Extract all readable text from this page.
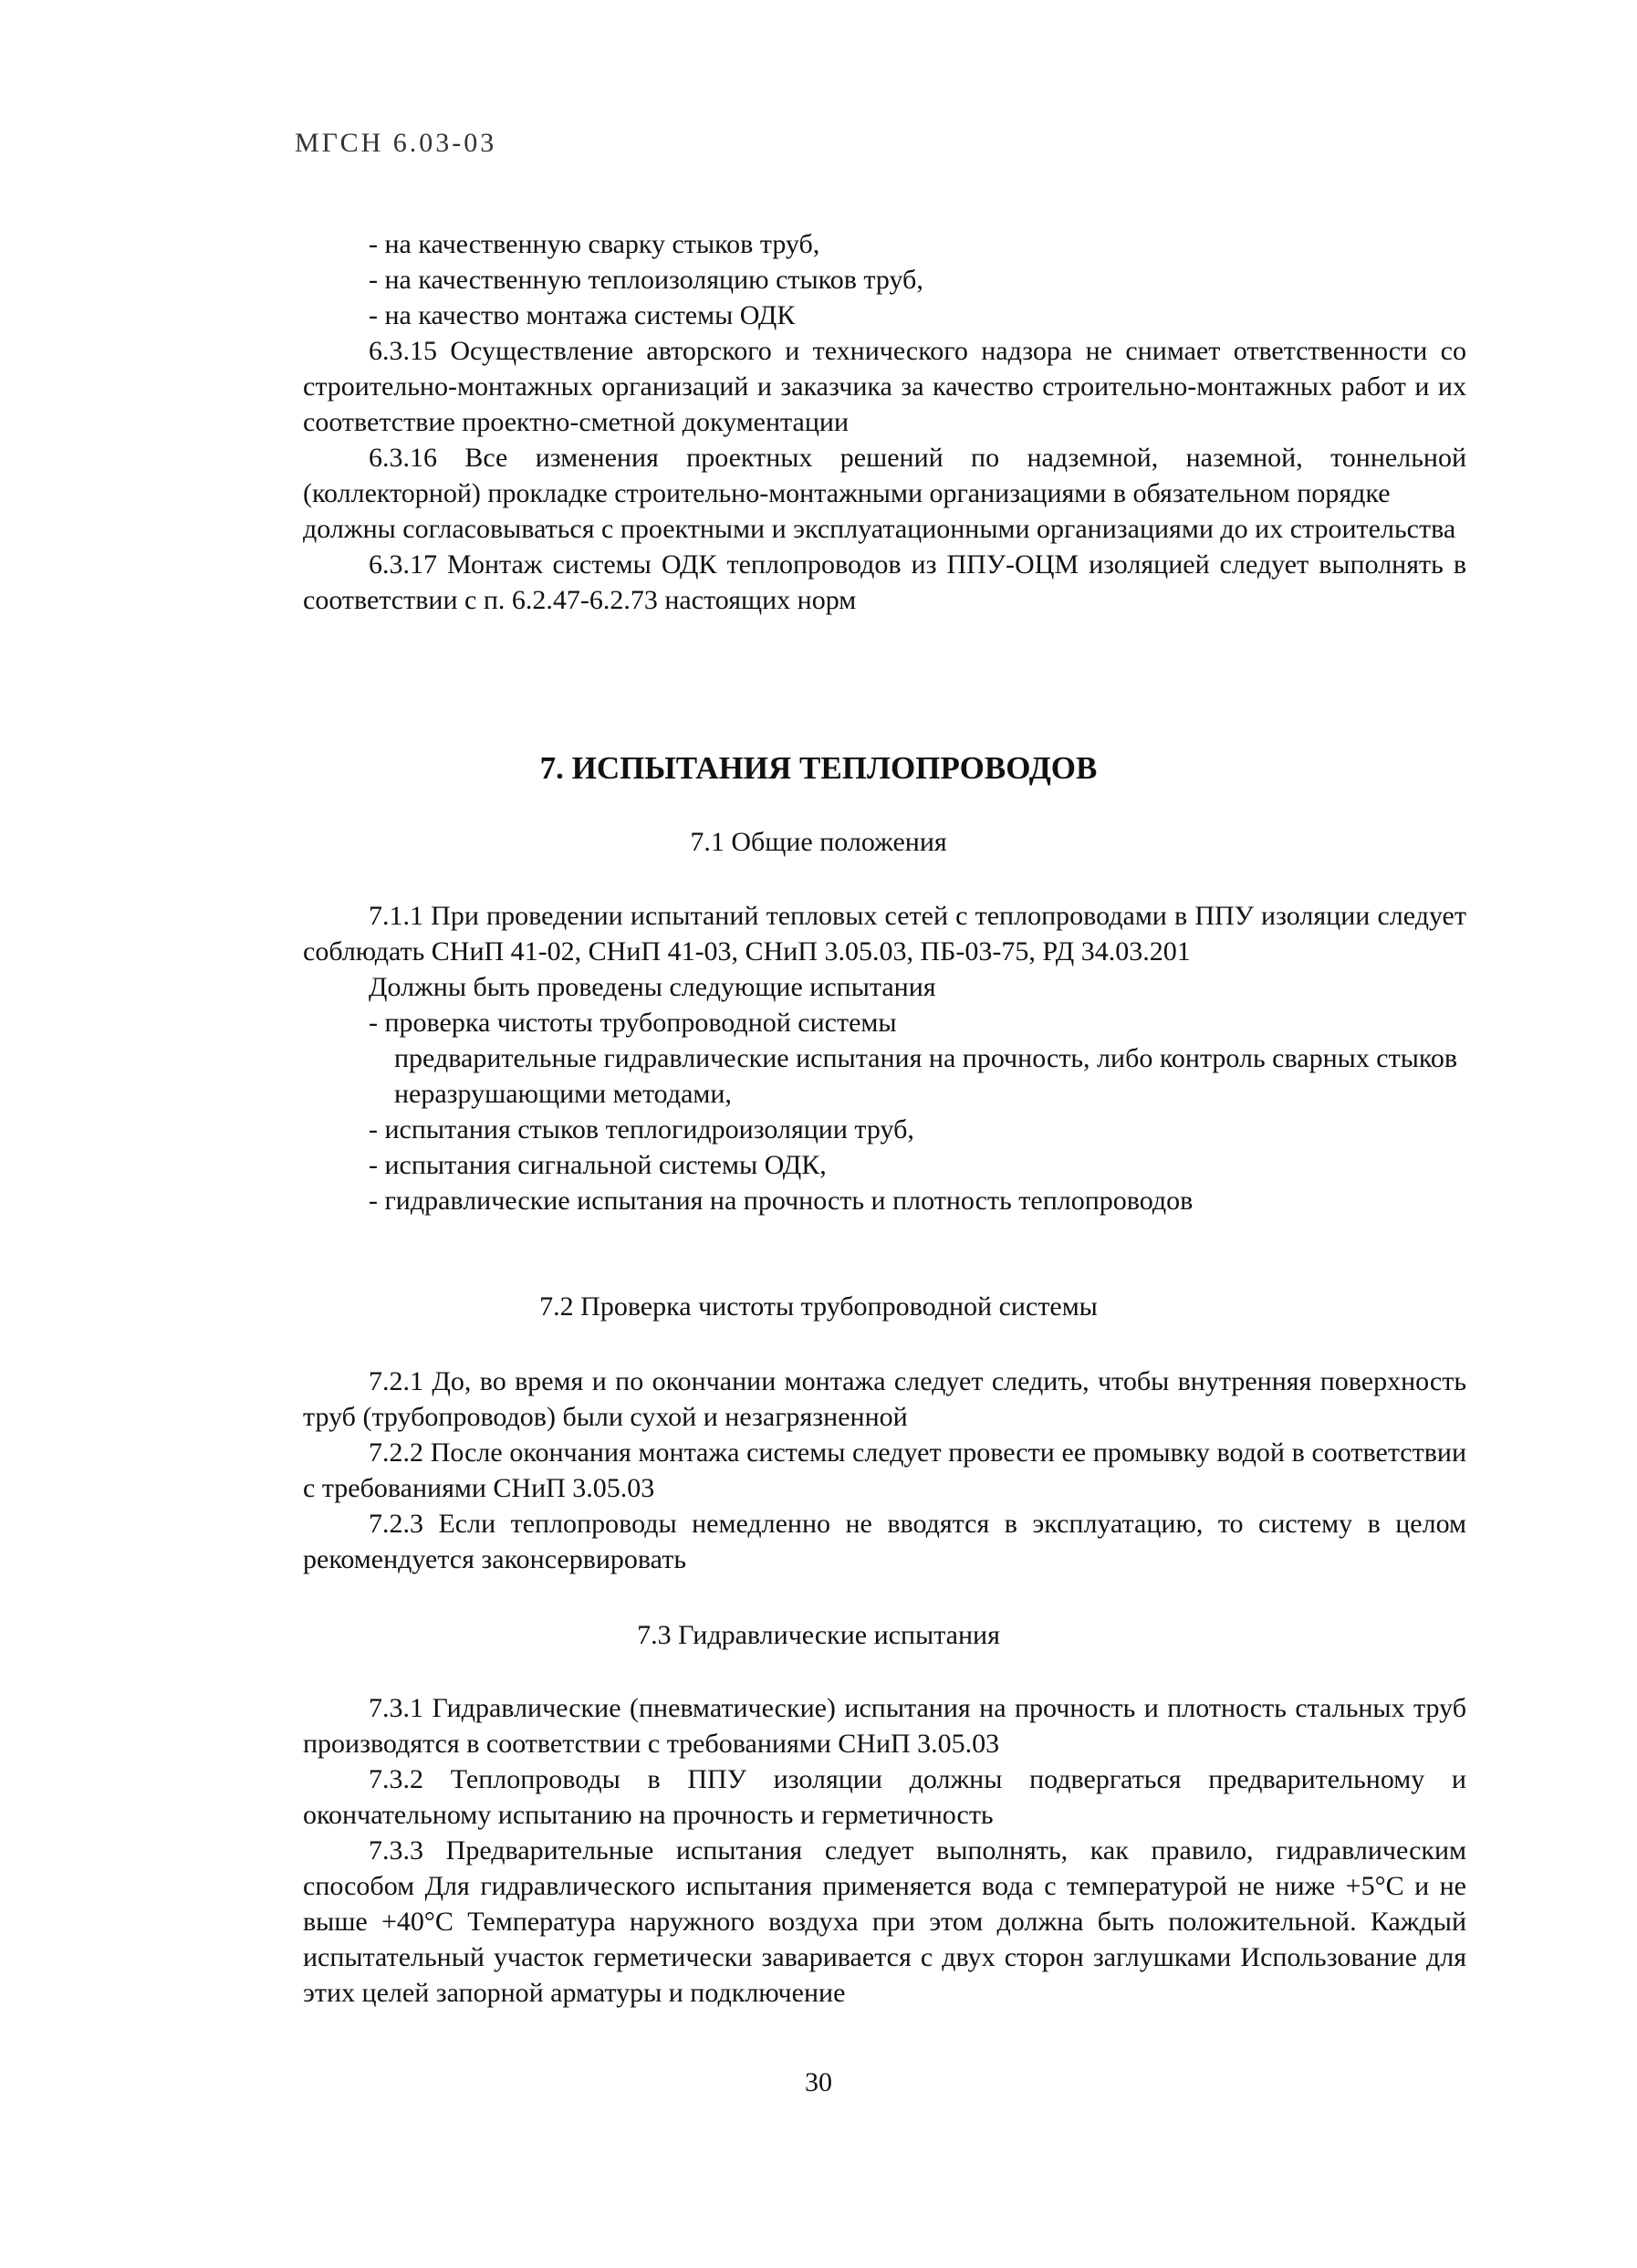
МГСН 6.03-03

- на качественную сварку стыков труб,

- на качественную теплоизоляцию стыков труб,

- на качество монтажа системы ОДК

6.3.15 Осуществление авторского и технического надзора не снимает ответственности со строительно-монтажных организаций и заказчика за качество строительно-монтажных работ и их соответствие проектно-сметной документации

6.3.16 Все изменения проектных решений по надземной, наземной, тоннельной (коллекторной) прокладке строительно-монтажными организациями в обязательном порядке

должны согласовываться с проектными и эксплуатационными организациями до их строительства

6.3.17 Монтаж системы ОДК теплопроводов из ППУ-ОЦМ изоляцией следует выполнять в соответствии с п. 6.2.47-6.2.73 настоящих норм

7. ИСПЫТАНИЯ ТЕПЛОПРОВОДОВ
7.1 Общие положения

7.1.1 При проведении испытаний тепловых сетей с теплопроводами в ППУ изоляции следует соблюдать СНиП 41-02, СНиП 41-03, СНиП 3.05.03, ПБ-03-75, РД 34.03.201

Должны быть проведены следующие испытания

- проверка чистоты трубопроводной системы

предварительные гидравлические испытания на прочность, либо контроль сварных стыков неразрушающими методами,

- испытания стыков теплогидроизоляции труб,

- испытания сигнальной системы ОДК,

- гидравлические испытания на прочность и плотность теплопроводов

7.2 Проверка чистоты трубопроводной системы

7.2.1 До, во время и по окончании монтажа следует следить, чтобы внутренняя поверхность труб (трубопроводов) были сухой и незагрязненной

7.2.2 После окончания монтажа системы следует провести ее промывку водой в соответствии с требованиями СНиП 3.05.03

7.2.3 Если теплопроводы немедленно не вводятся в эксплуатацию, то систему в целом рекомендуется законсервировать

7.3 Гидравлические испытания

7.3.1 Гидравлические (пневматические) испытания на прочность и плотность стальных труб производятся в соответствии с требованиями СНиП 3.05.03

7.3.2 Теплопроводы в ППУ изоляции должны подвергаться предварительному и окончательному испытанию на прочность и герметичность

7.3.3 Предварительные испытания следует выполнять, как правило, гидравлическим способом Для гидравлического испытания применяется вода с температурой не ниже +5°С и не выше +40°С Температура наружного воздуха при этом должна быть положительной. Каждый испытательный участок герметически заваривается с двух сторон заглушками Использование для этих целей запорной арматуры и подключение

30
